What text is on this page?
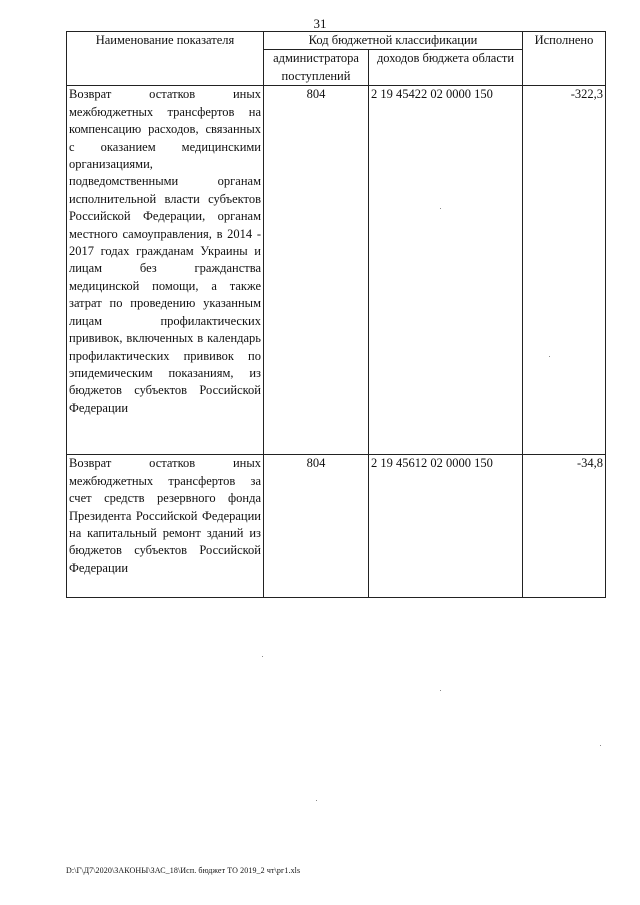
31
Наименование показателя	Код бюджетной классификации		Исполнено
	администратора поступлений	доходов бюджета области	
Возврат остатков иных межбюджетных трансфертов на компенсацию расходов, связанных с оказанием медицинскими организациями, подведомственными органам исполнительной власти субъектов Российской Федерации, органам местного самоуправления, в 2014 - 2017 годах гражданам Украины и лицам без гражданства медицинской помощи, а также затрат по проведению указанным лицам профилактических прививок, включенных в календарь профилактических прививок по эпидемическим показаниям, из бюджетов субъектов Российской Федерации	804	2 19 45422 02 0000 150	-322,3
Возврат остатков иных межбюджетных трансфертов за счет средств резервного фонда Президента Российской Федерации на капитальный ремонт зданий из бюджетов субъектов Российской Федерации	804	2 19 45612 02 0000 150	-34,8
D:\Г\Д7\2020\ЗАКОНЫ\ЗАС_18\Исп. бюджет ТО 2019_2 чт\рг1.xls
